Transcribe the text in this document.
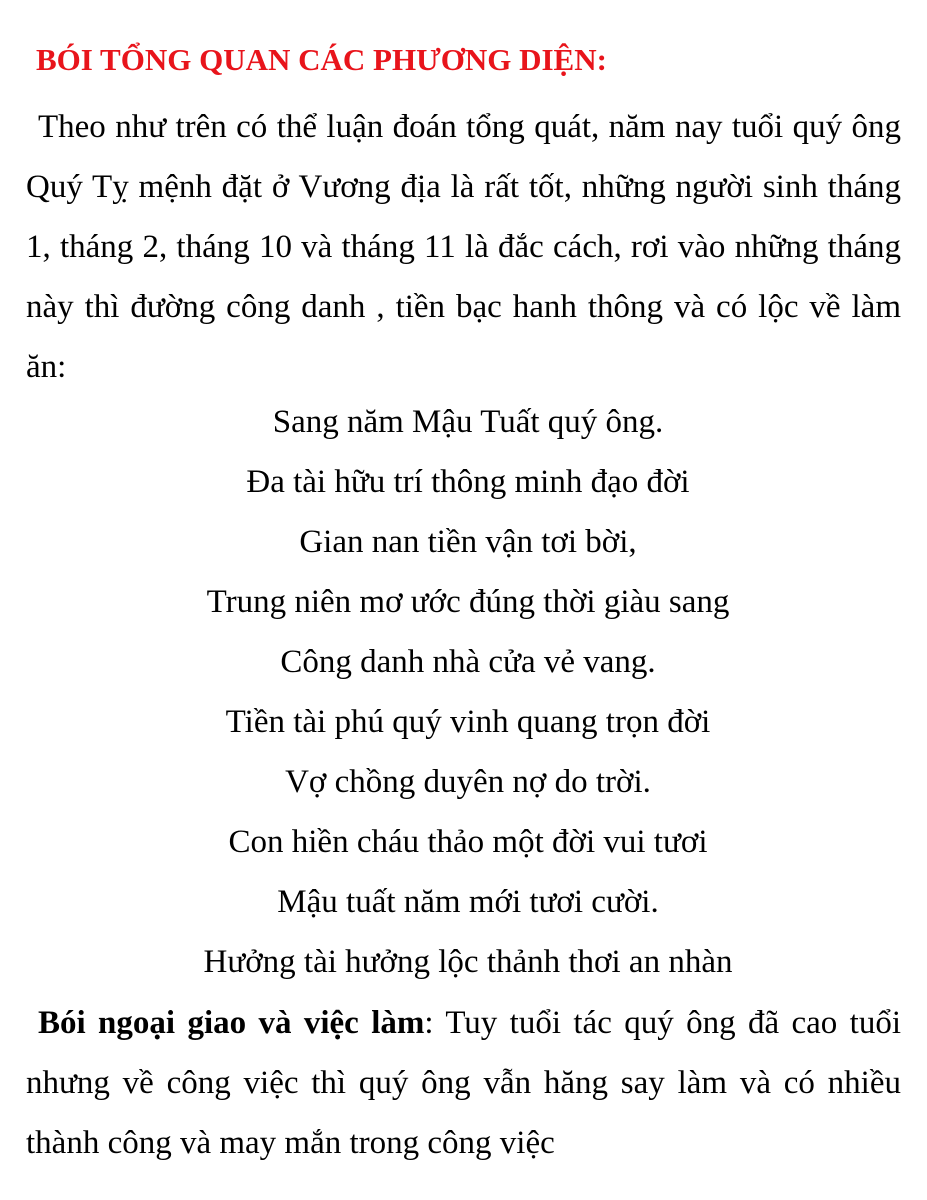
BÓI TỔNG QUAN CÁC PHƯƠNG DIỆN:

Theo như trên có thể luận đoán tổng quát, năm nay tuổi quý ông Quý Tỵ mệnh đặt ở Vương địa là rất tốt, những người sinh tháng 1, tháng 2, tháng 10 và tháng 11 là đắc cách, rơi vào những tháng này thì đường công danh , tiền bạc hanh thông và có lộc về làm ăn:

Sang năm Mậu Tuất quý ông.
Đa tài hữu trí thông minh đạo đời
Gian nan tiền vận tơi bời,
Trung niên mơ ước đúng thời giàu sang
Công danh nhà cửa vẻ vang.
Tiền tài phú quý vinh quang trọn đời
Vợ chồng duyên nợ do trời.
Con hiền cháu thảo một đời vui tươi
Mậu tuất năm mới tươi cười.
Hưởng tài hưởng lộc thảnh thơi an nhàn

Bói ngoại giao và việc làm: Tuy tuổi tác quý ông đã cao tuổi nhưng về công việc thì quý ông vẫn hăng say làm và có nhiều thành công và may mắn trong công việc
